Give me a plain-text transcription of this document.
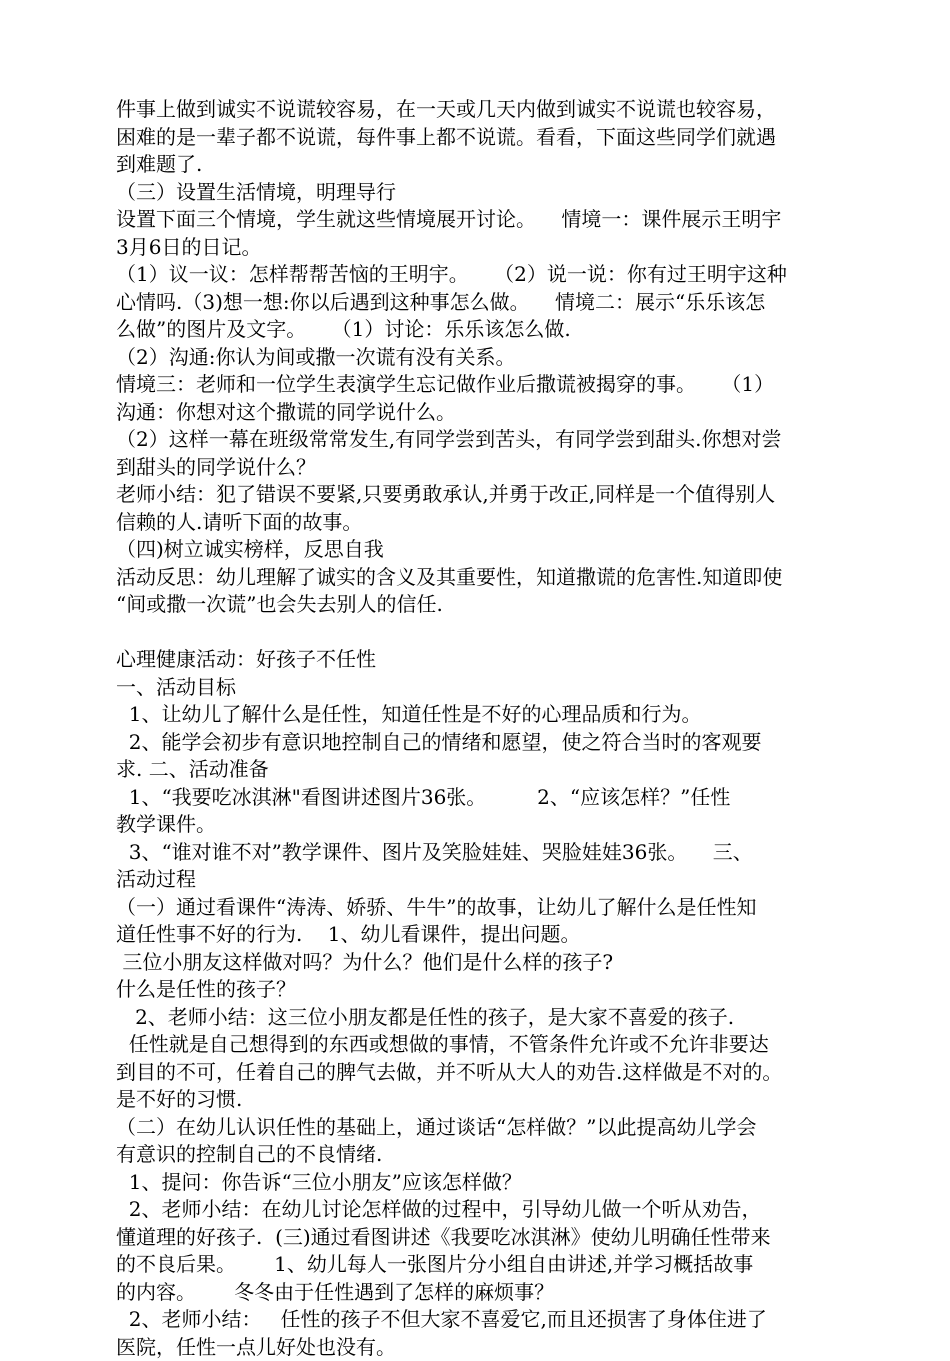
件事上做到诚实不说谎较容易，在一天或几天内做到诚实不说谎也较容易，
困难的是一辈子都不说谎，每件事上都不说谎。看看，下面这些同学们就遇
到难题了.
（三）设置生活情境，明理导行
设置下面三个情境，学生就这些情境展开讨论。    情境一：课件展示王明宇
3月6日的日记。
（1）议一议：怎样帮帮苦恼的王明宇。    （2）说一说：你有过王明宇这种
心情吗.（3)想一想:你以后遇到这种事怎么做。    情境二：展示“乐乐该怎
么做”的图片及文字。    （1）讨论：乐乐该怎么做.
（2）沟通:你认为间或撒一次谎有没有关系。
情境三：老师和一位学生表演学生忘记做作业后撒谎被揭穿的事。    （1）
沟通：你想对这个撒谎的同学说什么。
（2）这样一幕在班级常常发生,有同学尝到苦头，有同学尝到甜头.你想对尝
到甜头的同学说什么？
老师小结：犯了错误不要紧,只要勇敢承认,并勇于改正,同样是一个值得别人
信赖的人.请听下面的故事。
（四)树立诚实榜样，反思自我
活动反思：幼儿理解了诚实的含义及其重要性，知道撒谎的危害性.知道即使
“间或撒一次谎”也会失去别人的信任.
心理健康活动：好孩子不任性
一、活动目标
1、让幼儿了解什么是任性，知道任性是不好的心理品质和行为。
2、能学会初步有意识地控制自己的情绪和愿望，使之符合当时的客观要
求. 二、活动准备
1、“我要吃冰淇淋"看图讲述图片36张。        2、“应该怎样？”任性
教学课件。
3、“谁对谁不对”教学课件、图片及笑脸娃娃、哭脸娃娃36张。    三、
活动过程
（一）通过看课件“涛涛、娇骄、牛牛”的故事，让幼儿了解什么是任性知
道任性事不好的行为.    1、幼儿看课件，提出问题。
三位小朋友这样做对吗？为什么？他们是什么样的孩子?
什么是任性的孩子？
2、老师小结：这三位小朋友都是任性的孩子，是大家不喜爱的孩子.
任性就是自己想得到的东西或想做的事情，不管条件允许或不允许非要达
到目的不可，任着自己的脾气去做，并不听从大人的劝告.这样做是不对的。
是不好的习惯.
（二）在幼儿认识任性的基础上，通过谈话“怎样做？”以此提高幼儿学会
有意识的控制自己的不良情绪.
1、提问：你告诉“三位小朋友”应该怎样做？
2、老师小结：在幼儿讨论怎样做的过程中，引导幼儿做一个听从劝告，
懂道理的好孩子.  (三)通过看图讲述《我要吃冰淇淋》使幼儿明确任性带来
的不良后果。      1、幼儿每人一张图片分小组自由讲述,并学习概括故事
的内容。      冬冬由于任性遇到了怎样的麻烦事？
2、老师小结：   任性的孩子不但大家不喜爱它,而且还损害了身体住进了
医院，任性一点儿好处也没有。
